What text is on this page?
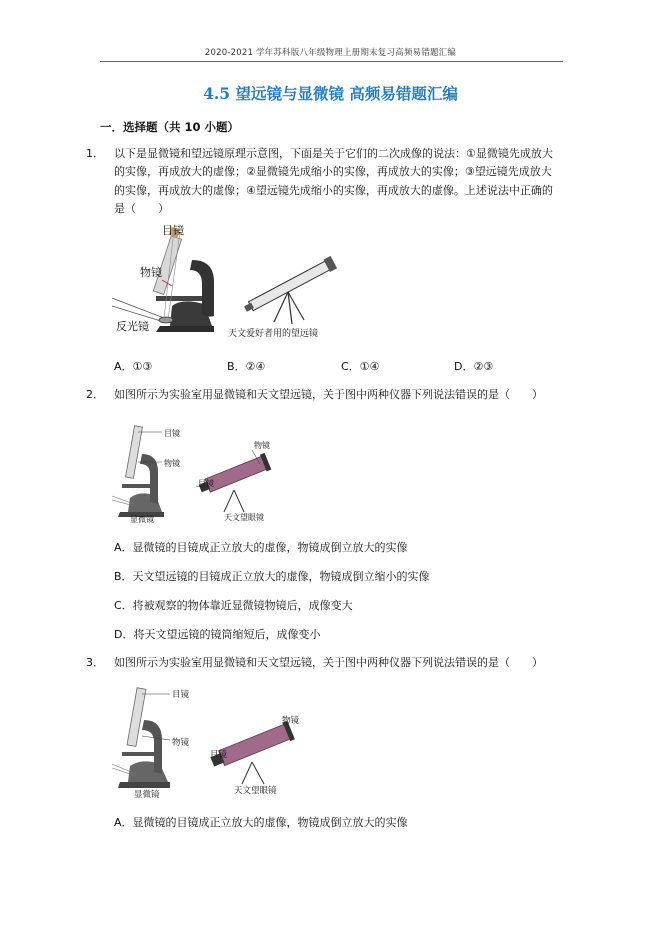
2020-2021 学年苏科版八年级物理上册期末复习高频易错题汇编
4.5 望远镜与显微镜 高频易错题汇编
一．选择题（共 10 小题）
1． 以下是显微镜和望远镜原理示意图，下面是关于它们的二次成像的说法：①显微镜先成放大的实像，再成放大的虚像；②显微镜先成缩小的实像，再成放大的实像；③望远镜先成放大的实像，再成放大的虚像；④望远镜先成缩小的实像，再成放大的虚像。上述说法中正确的是（　　）
目镜
物镜
反光镜
天文爱好者用的望远镜
A．①③	B．②④	C．①④	D．②③
2． 如图所示为实验室用显微镜和天文望远镜，关于图中两种仪器下列说法错误的是（　　）
目镜
物镜
显微镜
物镜
目镜
天文望眼镜
A．显微镜的目镜成正立放大的虚像，物镜成倒立放大的实像
B．天文望远镜的目镜成正立放大的虚像，物镜成倒立缩小的实像
C．将被观察的物体靠近显微镜物镜后，成像变大
D．将天文望远镜的镜筒缩短后，成像变小
3． 如图所示为实验室用显微镜和天文望远镜，关于图中两种仪器下列说法错误的是（　　）
目镜
物镜
显微镜
物镜
目镜
天文望眼镜
A．显微镜的目镜成正立放大的虚像，物镜成倒立放大的实像
